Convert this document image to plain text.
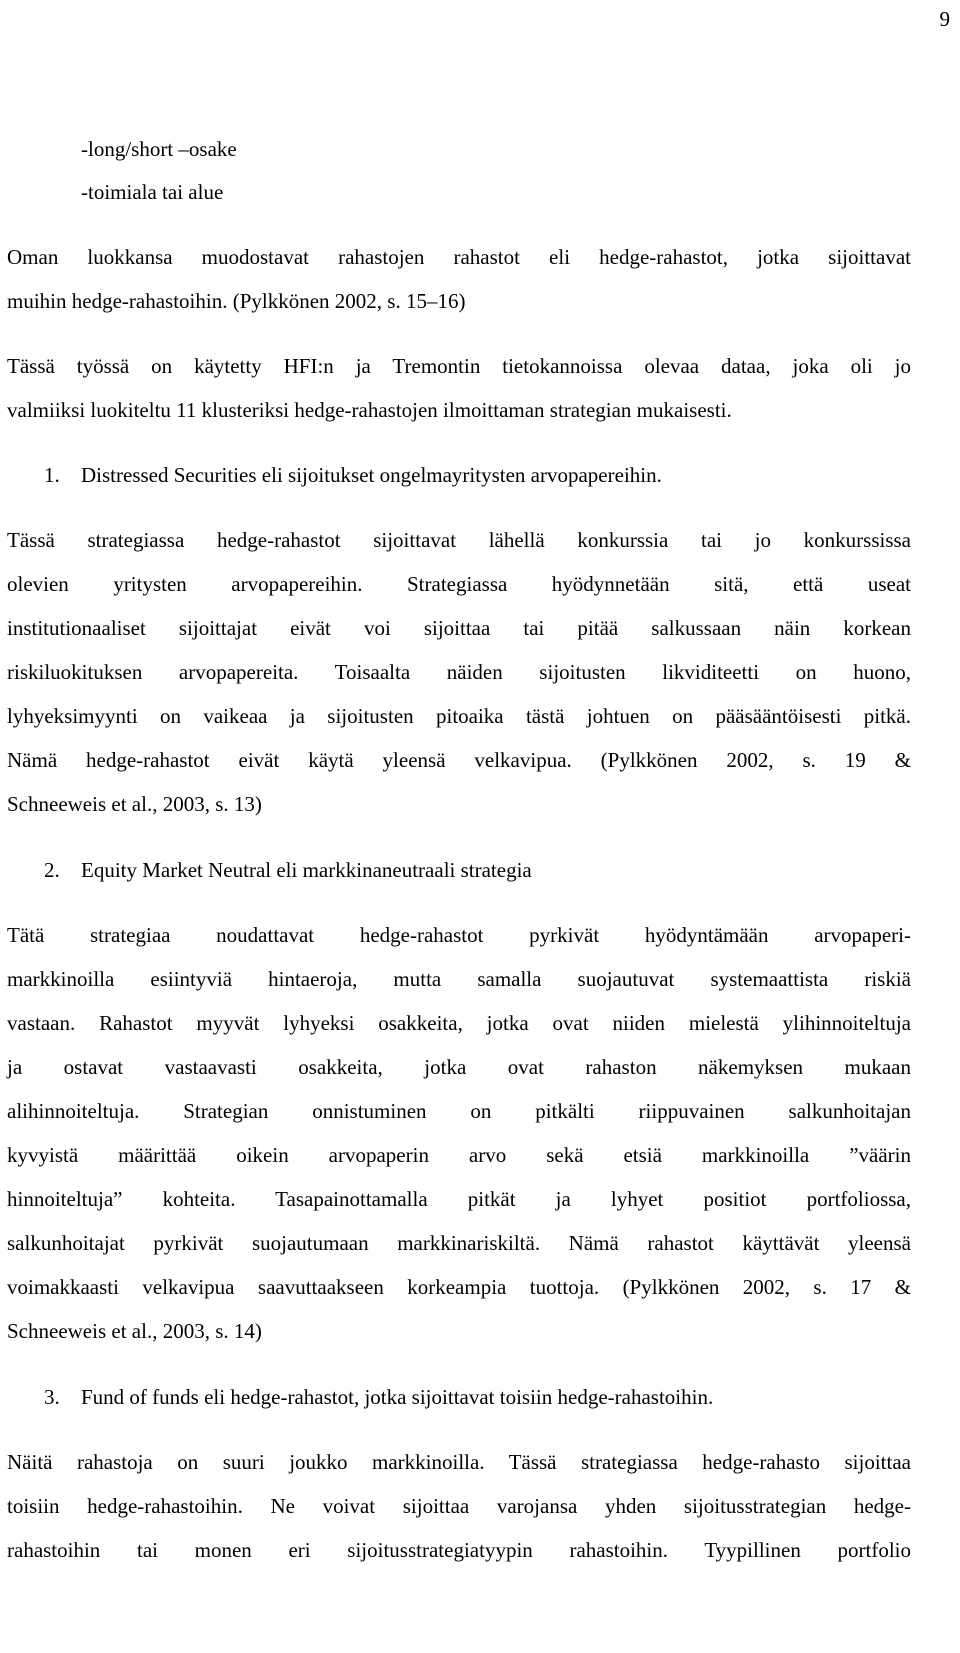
9
-long/short –osake
-toimiala tai alue
Oman luokkansa muodostavat rahastojen rahastot eli hedge-rahastot, jotka sijoittavat
muihin hedge-rahastoihin. (Pylkkönen 2002, s. 15–16)
Tässä työssä on käytetty HFI:n ja Tremontin tietokannoissa olevaa dataa, joka oli jo
valmiiksi luokiteltu 11 klusteriksi hedge-rahastojen ilmoittaman strategian mukaisesti.
1.	Distressed Securities eli sijoitukset ongelmayritysten arvopapereihin.
Tässä strategiassa hedge-rahastot sijoittavat lähellä konkurssia tai jo konkurssissa
olevien yritysten arvopapereihin. Strategiassa hyödynnetään sitä, että useat
institutionaaliset sijoittajat eivät voi sijoittaa tai pitää salkussaan näin korkean
riskiluokituksen arvopapereita. Toisaalta näiden sijoitusten likviditeetti on huono,
lyhyeksimyynti on vaikeaa ja sijoitusten pitoaika tästä johtuen on pääsääntöisesti pitkä.
Nämä hedge-rahastot eivät käytä yleensä velkavipua. (Pylkkönen 2002, s. 19 &
Schneeweis et al., 2003, s. 13)
2.	Equity Market Neutral eli markkinaneutraali strategia
Tätä strategiaa noudattavat hedge-rahastot pyrkivät hyödyntämään arvopaperi-
markkinoilla esiintyviä hintaeroja, mutta samalla suojautuvat systemaattista riskiä
vastaan. Rahastot myyvät lyhyeksi osakkeita, jotka ovat niiden mielestä ylihinnoiteltuja
ja ostavat vastaavasti osakkeita, jotka ovat rahaston näkemyksen mukaan
alihinnoiteltuja. Strategian onnistuminen on pitkälti riippuvainen salkunhoitajan
kyvyistä määrittää oikein arvopaperin arvo sekä etsiä markkinoilla ”väärin
hinnoiteltuja” kohteita. Tasapainottamalla pitkät ja lyhyet positiot portfoliossa,
salkunhoitajat pyrkivät suojautumaan markkinariskiltä. Nämä rahastot käyttävät yleensä
voimakkaasti velkavipua saavuttaakseen korkeampia tuottoja. (Pylkkönen 2002, s. 17 &
Schneeweis et al., 2003, s. 14)
3.	Fund of funds eli hedge-rahastot, jotka sijoittavat toisiin hedge-rahastoihin.
Näitä rahastoja on suuri joukko markkinoilla. Tässä strategiassa hedge-rahasto sijoittaa
toisiin hedge-rahastoihin. Ne voivat sijoittaa varojansa yhden sijoitusstrategian hedge-
rahastoihin tai monen eri sijoitusstrategiatyypin rahastoihin. Tyypillinen portfolio
